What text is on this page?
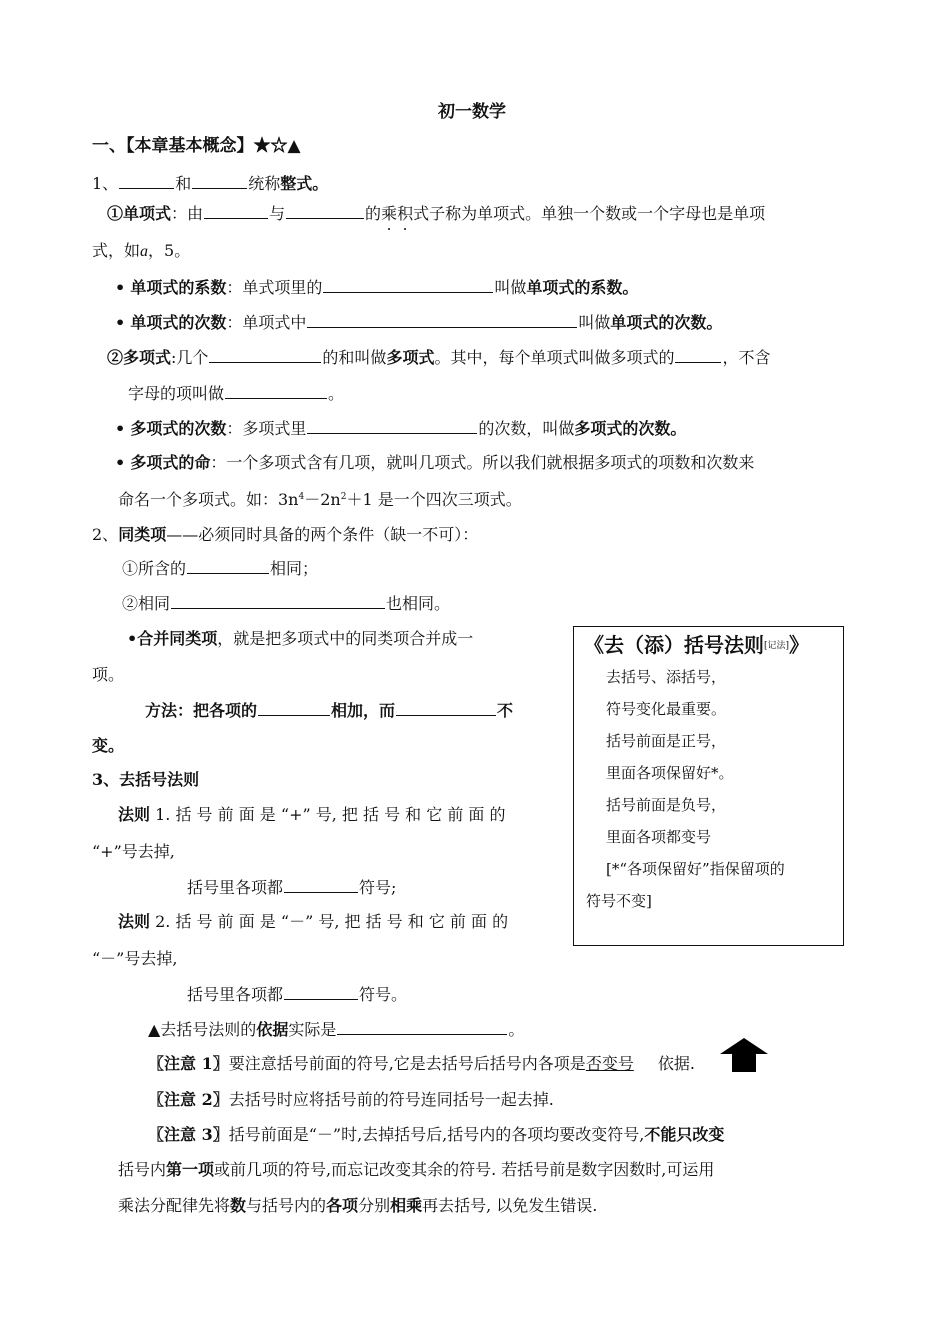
初一数学
一、【本章基本概念】★☆▲
1、	和	统称整式。
①单项式：由	与	的乘积
式子称为单项式。单独一个数或一个字母也是单项
式，如a，5。
• 单项式的系数：单式项里的	叫做单项式的系数。
• 单项式的次数：单项式中	叫做单项式的次数。
②多项式:几个	的和叫做多项式。其中，每个单项式叫做多项式的	，不含
字母的项叫做	。
• 多项式的次数：多项式里	的次数，叫做多项式的次数。
• 多项式的命：一个多项式含有几项，就叫几项式。所以我们就根据多项式的项数和次数来
命名一个多项式。如：$3n^4-2n^2+1$ 是一个四次三项式。
2、同类项——必须同时具备的两个条件（缺一不可）：
①所含的	相同；
②相同	也相同。
•合并同类项，就是把多项式中的同类项合并成一
项。
方法：把各项的	相加，而	不
变。
3、去括号法则
法则 1. 括 号 前 面 是 “+” 号, 把 括 号 和 它 前 面 的
“+”号去掉,
括号里各项都	符号;
法则 2. 括 号 前 面 是 “－” 号, 把 括 号 和 它 前 面 的
“－”号去掉,
括号里各项都	符号。
▲去括号法则的依据实际是	。
〖注意 1〗要注意括号前面的符号,它是去括号后括号内各项是否变号 依据.
〖注意 2〗去括号时应将括号前的符号连同括号一起去掉.
〖注意 3〗括号前面是“－”时,去掉括号后,括号内的各项均要改变符号,不能只改变
括号内第一项或前几项的符号,而忘记改变其余的符号. 若括号前是数字因数时,可运用
乘法分配律先将数与括号内的各项分别相乘再去括号, 以免发生错误.
《去（添）括号法则[记法]》
去括号、添括号，
符号变化最重要。
括号前面是正号，
里面各项保留好*。
括号前面是负号，
里面各项都变号
[*“各项保留好”指保留项的
符号不变]
